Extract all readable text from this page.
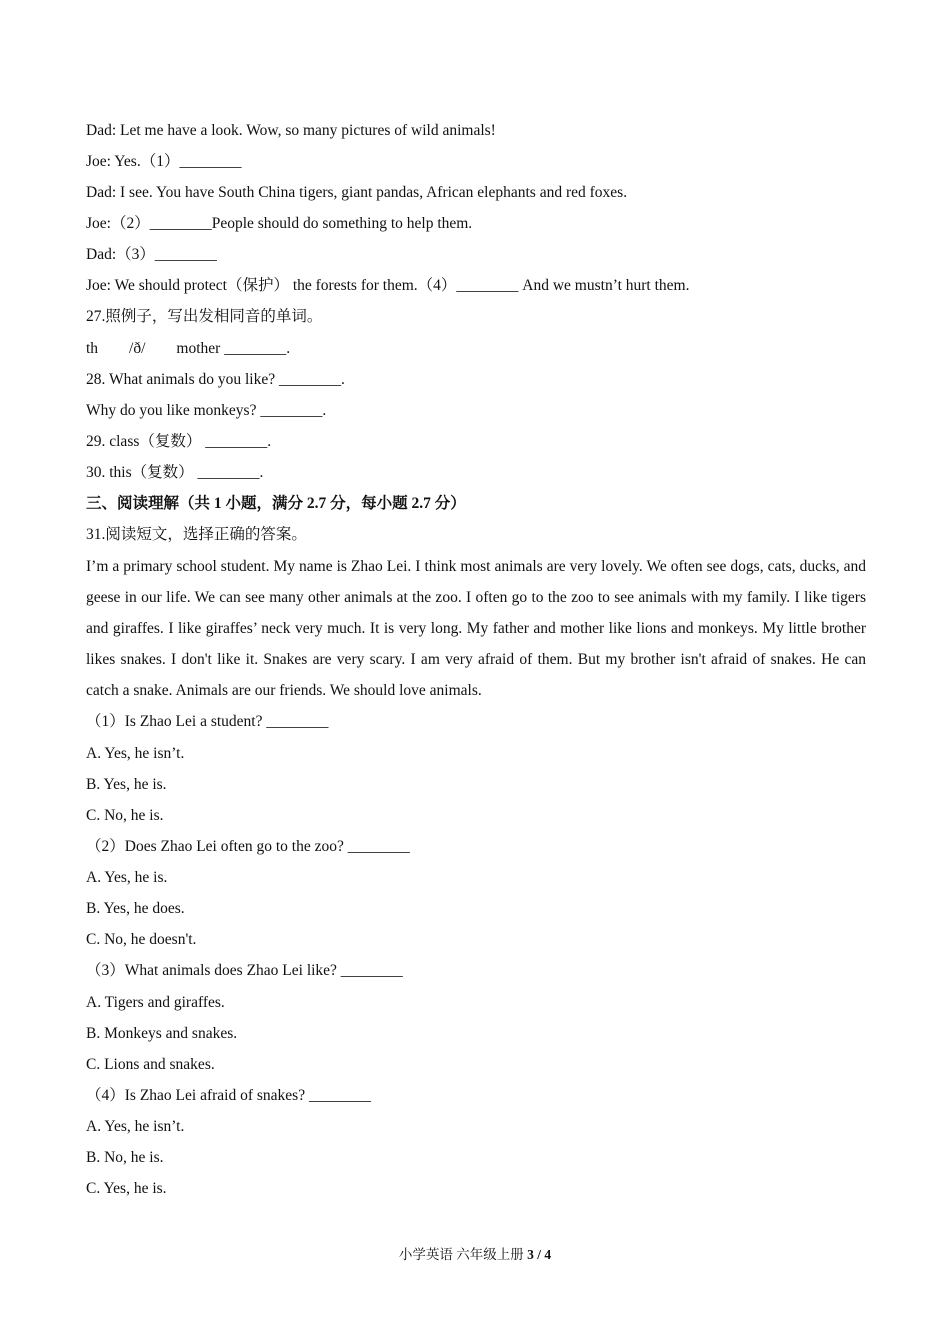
Dad: Let me have a look. Wow, so many pictures of wild animals!
Joe: Yes.（1）________
Dad: I see. You have South China tigers, giant pandas, African elephants and red foxes.
Joe:（2）________People should do something to help them.
Dad:（3）________
Joe: We should protect（保护） the forests for them.（4）________ And we mustn’t hurt them.
27.照例子，写出发相同音的单词。
th　　/ð/　　mother ________.
28. What animals do you like? ________.
Why do you like monkeys? ________.
29. class（复数） ________.
30. this（复数） ________.
三、阅读理解（共 1 小题，满分 2.7 分，每小题 2.7 分）
31.阅读短文，选择正确的答案。
I’m a primary school student. My name is Zhao Lei. I think most animals are very lovely. We often see dogs, cats, ducks, and geese in our life. We can see many other animals at the zoo. I often go to the zoo to see animals with my family. I like tigers and giraffes. I like giraffes’ neck very much. It is very long. My father and mother like lions and monkeys. My little brother likes snakes. I don't like it. Snakes are very scary. I am very afraid of them. But my brother isn't afraid of snakes. He can catch a snake. Animals are our friends. We should love animals.
（1）Is Zhao Lei a student? ________
A. Yes, he isn’t.
B. Yes, he is.
C. No, he is.
（2）Does Zhao Lei often go to the zoo? ________
A. Yes, he is.
B. Yes, he does.
C. No, he doesn't.
（3）What animals does Zhao Lei like? ________
A. Tigers and giraffes.
B. Monkeys and snakes.
C. Lions and snakes.
（4）Is Zhao Lei afraid of snakes? ________
A. Yes, he isn’t.
B. No, he is.
C. Yes, he is.
小学英语 六年级上册 3 / 4
